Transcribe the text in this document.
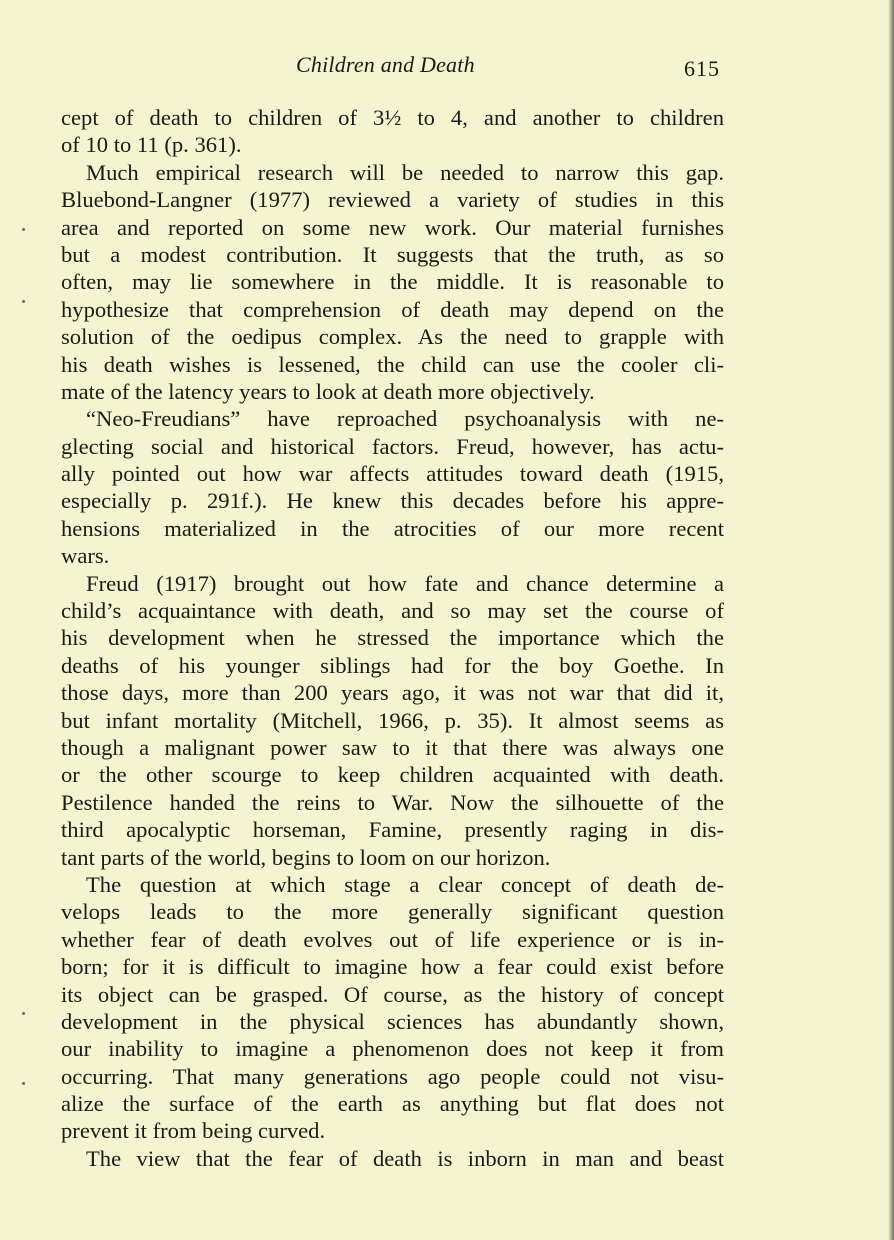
Children and Death	615
cept of death to children of 3½ to 4, and another to children
of 10 to 11 (p. 361).
Much empirical research will be needed to narrow this gap.
Bluebond-Langner (1977) reviewed a variety of studies in this
area and reported on some new work. Our material furnishes
but a modest contribution. It suggests that the truth, as so
often, may lie somewhere in the middle. It is reasonable to
hypothesize that comprehension of death may depend on the
solution of the oedipus complex. As the need to grapple with
his death wishes is lessened, the child can use the cooler cli-
mate of the latency years to look at death more objectively.
“Neo-Freudians” have reproached psychoanalysis with ne-
glecting social and historical factors. Freud, however, has actu-
ally pointed out how war affects attitudes toward death (1915,
especially p. 291f.). He knew this decades before his appre-
hensions materialized in the atrocities of our more recent
wars.
Freud (1917) brought out how fate and chance determine a
child’s acquaintance with death, and so may set the course of
his development when he stressed the importance which the
deaths of his younger siblings had for the boy Goethe. In
those days, more than 200 years ago, it was not war that did it,
but infant mortality (Mitchell, 1966, p. 35). It almost seems as
though a malignant power saw to it that there was always one
or the other scourge to keep children acquainted with death.
Pestilence handed the reins to War. Now the silhouette of the
third apocalyptic horseman, Famine, presently raging in dis-
tant parts of the world, begins to loom on our horizon.
The question at which stage a clear concept of death de-
velops leads to the more generally significant question
whether fear of death evolves out of life experience or is in-
born; for it is difficult to imagine how a fear could exist before
its object can be grasped. Of course, as the history of concept
development in the physical sciences has abundantly shown,
our inability to imagine a phenomenon does not keep it from
occurring. That many generations ago people could not visu-
alize the surface of the earth as anything but flat does not
prevent it from being curved.
The view that the fear of death is inborn in man and beast
